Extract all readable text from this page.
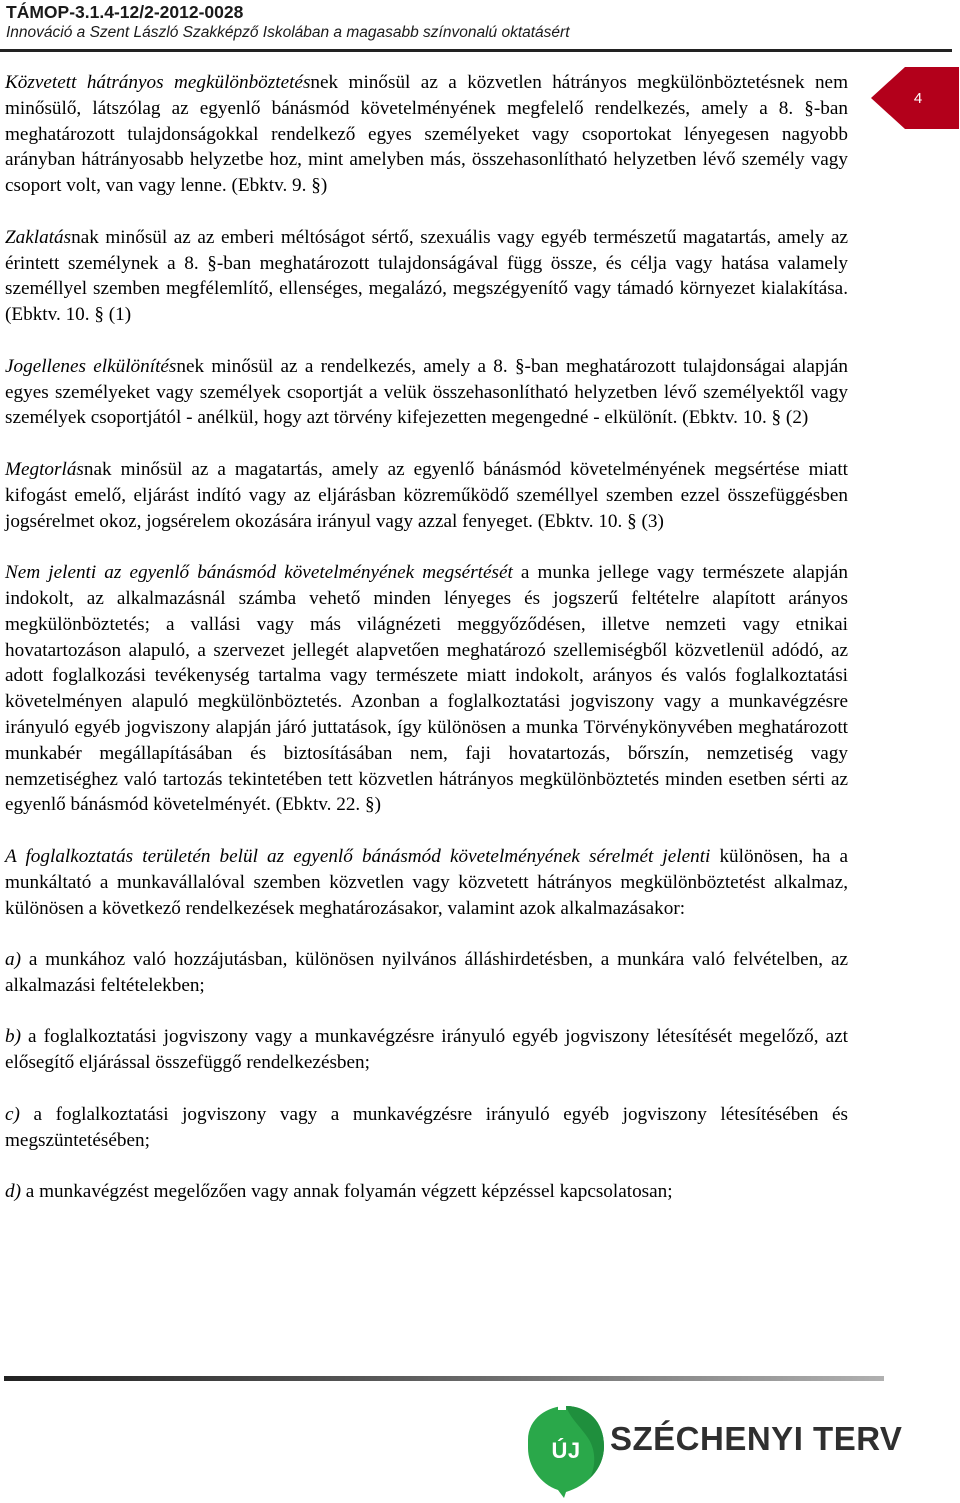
TÁMOP-3.1.4-12/2-2012-0028
Innováció a Szent László Szakképző Iskolában a magasabb színvonalú oktatásért
4

Közvetett hátrányos megkülönböztetésnek minősül az a közvetlen hátrányos megkülönböztetésnek nem minősülő, látszólag az egyenlő bánásmód követelményének megfelelő rendelkezés, amely a 8. §-ban meghatározott tulajdonságokkal rendelkező egyes személyeket vagy csoportokat lényegesen nagyobb arányban hátrányosabb helyzetbe hoz, mint amelyben más, összehasonlítható helyzetben lévő személy vagy csoport volt, van vagy lenne. (Ebktv. 9. §)

Zaklatásnak minősül az az emberi méltóságot sértő, szexuális vagy egyéb természetű magatartás, amely az érintett személynek a 8. §-ban meghatározott tulajdonságával függ össze, és célja vagy hatása valamely személlyel szemben megfélemlítő, ellenséges, megalázó, megszégyenítő vagy támadó környezet kialakítása. (Ebktv. 10. § (1)

Jogellenes elkülönítésnek minősül az a rendelkezés, amely a 8. §-ban meghatározott tulajdonságai alapján egyes személyeket vagy személyek csoportját a velük összehasonlítható helyzetben lévő személyektől vagy személyek csoportjától - anélkül, hogy azt törvény kifejezetten megengedné - elkülönít. (Ebktv. 10. § (2)

Megtorlásnak minősül az a magatartás, amely az egyenlő bánásmód követelményének megsértése miatt kifogást emelő, eljárást indító vagy az eljárásban közreműködő személlyel szemben ezzel összefüggésben jogsérelmet okoz, jogsérelem okozására irányul vagy azzal fenyeget. (Ebktv. 10. § (3)

Nem jelenti az egyenlő bánásmód követelményének megsértését a munka jellege vagy természete alapján indokolt, az alkalmazásnál számba vehető minden lényeges és jogszerű feltételre alapított arányos megkülönböztetés; a vallási vagy más világnézeti meggyőződésen, illetve nemzeti vagy etnikai hovatartozáson alapuló, a szervezet jellegét alapvetően meghatározó szellemiségből közvetlenül adódó, az adott foglalkozási tevékenység tartalma vagy természete miatt indokolt, arányos és valós foglalkoztatási követelményen alapuló megkülönböztetés. Azonban a foglalkoztatási jogviszony vagy a munkavégzésre irányuló egyéb jogviszony alapján járó juttatások, így különösen a munka Törvénykönyvében meghatározott munkabér megállapításában és biztosításában nem, faji hovatartozás, bőrszín, nemzetiség vagy nemzetiséghez való tartozás tekintetében tett közvetlen hátrányos megkülönböztetés minden esetben sérti az egyenlő bánásmód követelményét. (Ebktv. 22. §)

A foglalkoztatás területén belül az egyenlő bánásmód követelményének sérelmét jelenti különösen, ha a munkáltató a munkavállalóval szemben közvetlen vagy közvetett hátrányos megkülönböztetést alkalmaz, különösen a következő rendelkezések meghatározásakor, valamint azok alkalmazásakor:

a) a munkához való hozzájutásban, különösen nyilvános álláshirdetésben, a munkára való felvételben, az alkalmazási feltételekben;

b) a foglalkoztatási jogviszony vagy a munkavégzésre irányuló egyéb jogviszony létesítését megelőző, azt elősegítő eljárással összefüggő rendelkezésben;

c) a foglalkoztatási jogviszony vagy a munkavégzésre irányuló egyéb jogviszony létesítésében és megszüntetésében;

d) a munkavégzést megelőzően vagy annak folyamán végzett képzéssel kapcsolatosan;

ÚJ SZÉCHENYI TERV
